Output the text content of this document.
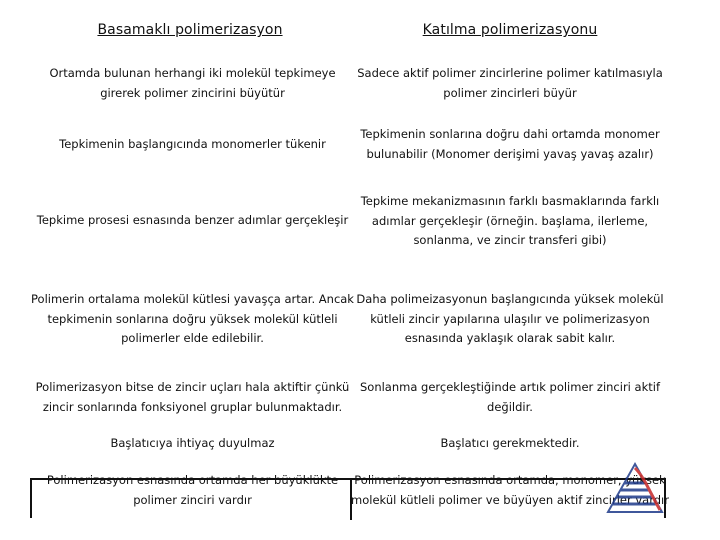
Basamaklı polimerizasyon	Katılma polimerizasyonu
Ortamda bulunan herhangi iki molekül tepkimeye girerek polimer zincirini büyütür
Sadece aktif polimer zincirlerine polimer katılmasıyla polimer zincirleri büyür
Tepkimenin başlangıcında monomerler tükenir
Tepkimenin sonlarına doğru dahi ortamda monomer bulunabilir (Monomer derişimi yavaş yavaş azalır)
Tepkime prosesi esnasında benzer adımlar gerçekleşir
Tepkime mekanizmasının farklı basmaklarında farklı adımlar gerçekleşir (örneğin. başlama, ilerleme, sonlanma, ve zincir transferi gibi)
Polimerin ortalama molekül kütlesi yavaşça artar. Ancak tepkimenin sonlarına doğru yüksek molekül kütleli polimerler elde edilebilir.
Daha polimeizasyonun başlangıcında yüksek molekül kütleli zincir yapılarına ulaşılır ve polimerizasyon esnasında yaklaşık olarak sabit kalır.
Polimerizasyon bitse de zincir uçları hala aktiftir çünkü zincir sonlarında fonksiyonel gruplar bulunmaktadır.
Sonlanma gerçekleştiğinde artık polimer zinciri aktif değildir.
Başlatıcıya ihtiyaç duyulmaz	Başlatıcı gerekmektedir.
Polimerizasyon esnasında ortamda her büyüklükte polimer zinciri vardır
Polimerizasyon esnasında ortamda, monomer, yüksek molekül kütleli polimer ve büyüyen aktif zincirler vardır
